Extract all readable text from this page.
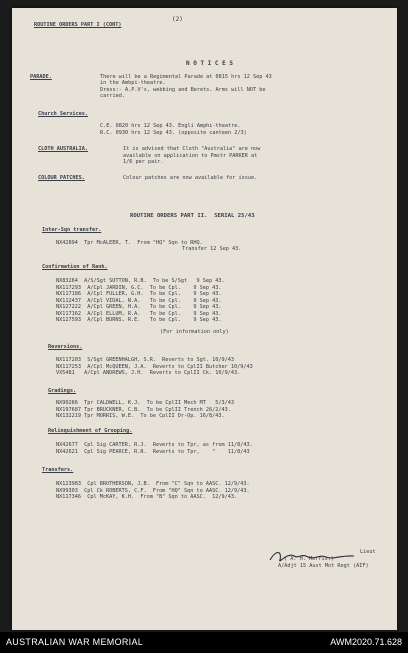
(2)
ROUTINE ORDERS PART I (CONT)
N O T I C E S
PARADE.	There will be a Regimental Parade at 0815 hrs 12 Sep 43
in the Ambpi-theatre.
Dress:- A.P.V's, webbing and Berets. Arms will NOT be
carried.
Church Services.
C.E. 0820 hrs 12 Sep 43. Engli Amphi-theatre.
R.C. 0930 hrs 12 Sep 43. (opposite canteen 2/3)
CLOTH AUSTRALIA.	It is advised that Cloth "Australia" are now
available on application to Pmstr PARKER at
1/6 per pair.
COLOUR PATCHES.	Colour patches are now available for issue.
ROUTINE ORDERS PART II.  SERIAL 25/43
Inter-Sqn transfer.
NX42894  Tpr McALEER, T.  From "HQ" Sqn to RHQ.
Transfer 12 Sep 43.
Confirmation of Rank.
NX83264  A/S/Sgt SUTTON, R.B.  To be S/Sgt   9 Sep 43.
NX117293  A/Cpl JARDIN, G.C.  To be Cpl.    9 Sep 43.
NX117186  A/Cpl FULLER, G.H.  To be Cpl.    9 Sep 43.
NX112437  A/Cpl VIDAL, N.A.   To be Cpl.    9 Sep 43.
NX127222  A/Cpl GREEN, H.A.   To be Cpl.    9 Sep 43.
NX117162  A/Cpl ELLUM, R.A.   To be Cpl.    9 Sep 43.
NX127593  A/Cpl BURNS, R.E.   To be Cpl.    9 Sep 43.
(For information only)
Reversions.
NX117203  S/Sgt GREENHALGH, S.R.  Reverts to Sgt. 10/9/43
NX117253  A/Cpl McQUEEN, J.A.  Reverts to CplII Butcher 10/9/43
VX5481   A/Cpl ANDREWS, J.H.  Reverts to CplII Ck. 10/9/43.
Gradings.
NX90266  Tpr CALDWELL, K.J.  To be CplII Mech MT   5/3/43
NX197687 Tpr BRUCKNER, C.B.  To be CplII Trench 26/2/43.
NX132219 Tpr MORRIS, W.E.  To be CplII Dr-Op. 16/8/43.
Relinquishment of Grouping.
NX42677  Cpl Sig CARTER, R.J.  Reverts to Tpr, as from 11/8/43.
NX42621  Cpl Sig PEARCE, R.R.  Reverts to Tpr,    "    11/8/43
Transfers.
NX123983  Cpl BROTHERSON, J.B.  From "C" Sqn to AASC. 12/9/43.
NX99303  Cpl Ck ROBERTS, C.F.  From "HQ" Sqn to AASC. 12/9/43.
NX117346  Cpl McKAY, K.H.  From "B" Sqn to AASC.  12/9/43.
Lieut
( A. H. Morris.)
A/Adjt 15 Aust Mot Regt (AIF)
AUSTRALIAN WAR MEMORIAL	AWM2020.71.628
